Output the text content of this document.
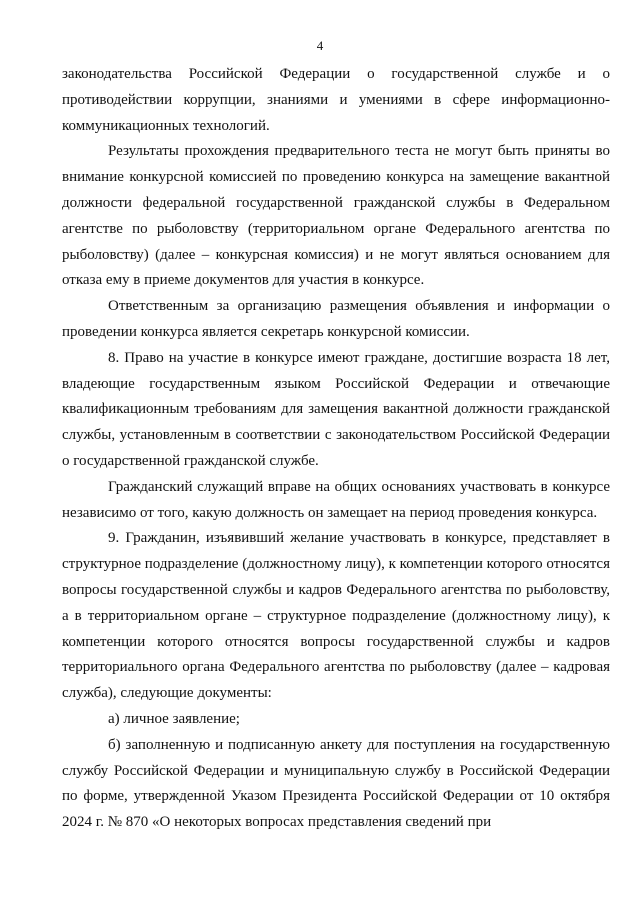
4

законодательства Российской Федерации о государственной службе и о противодействии коррупции, знаниями и умениями в сфере информационно-коммуникационных технологий.

Результаты прохождения предварительного теста не могут быть приняты во внимание конкурсной комиссией по проведению конкурса на замещение вакантной должности федеральной государственной гражданской службы в Федеральном агентстве по рыболовству (территориальном органе Федерального агентства по рыболовству) (далее – конкурсная комиссия) и не могут являться основанием для отказа ему в приеме документов для участия в конкурсе.

Ответственным за организацию размещения объявления и информации о проведении конкурса является секретарь конкурсной комиссии.

8. Право на участие в конкурсе имеют граждане, достигшие возраста 18 лет, владеющие государственным языком Российской Федерации и отвечающие квалификационным требованиям для замещения вакантной должности гражданской службы, установленным в соответствии с законодательством Российской Федерации о государственной гражданской службе.

Гражданский служащий вправе на общих основаниях участвовать в конкурсе независимо от того, какую должность он замещает на период проведения конкурса.

9. Гражданин, изъявивший желание участвовать в конкурсе, представляет в структурное подразделение (должностному лицу), к компетенции которого относятся вопросы государственной службы и кадров Федерального агентства по рыболовству, а в территориальном органе – структурное подразделение (должностному лицу), к компетенции которого относятся вопросы государственной службы и кадров территориального органа Федерального агентства по рыболовству (далее – кадровая служба), следующие документы:

а) личное заявление;

б) заполненную и подписанную анкету для поступления на государственную службу Российской Федерации и муниципальную службу в Российской Федерации по форме, утвержденной Указом Президента Российской Федерации от 10 октября 2024 г. № 870 «О некоторых вопросах представления сведений при
